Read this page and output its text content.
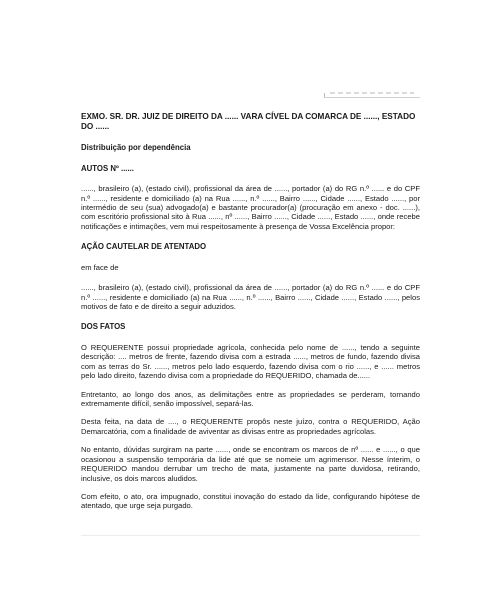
EXMO. SR. DR. JUIZ DE DIREITO DA ...... VARA CÍVEL DA COMARCA DE ......, ESTADO DO ......
Distribuição por dependência
AUTOS Nº ......

......, brasileiro (a), (estado civil), profissional da área de ......, portador (a) do RG n.º ...... e do CPF n.º ......, residente e domiciliado (a) na Rua ......, n.º ......, Bairro ......, Cidade ......, Estado ......, por intermédio de seu (sua) advogado(a) e bastante procurador(a) (procuração em anexo - doc. ......), com escritório profissional sito à Rua ......, nº ......, Bairro ......, Cidade ......, Estado ......, onde recebe notificações e intimações, vem mui respeitosamente à presença de Vossa Excelência propor:

AÇÃO CAUTELAR DE ATENTADO

em face de

......, brasileiro (a), (estado civil), profissional da área de ......, portador (a) do RG n.º ...... e do CPF n.º ......, residente e domiciliado (a) na Rua ......, n.º ......, Bairro ......, Cidade ......, Estado ......, pelos motivos de fato e de direito a seguir aduzidos.

DOS FATOS

O REQUERENTE possui propriedade agrícola, conhecida pelo nome de ......, tendo a seguinte descrição: .... metros de frente, fazendo divisa com a estrada ......, metros de fundo, fazendo divisa com as terras do Sr. ......, metros pelo lado esquerdo, fazendo divisa com o rio ......, e ...... metros pelo lado direito, fazendo divisa com a propriedade do REQUERIDO, chamada de......

Entretanto, ao longo dos anos, as delimitações entre as propriedades se perderam, tornando extremamente difícil, senão impossível, separá-las.

Desta feita, na data de ...., o REQUERENTE propôs neste juízo, contra o REQUERIDO, Ação Demarcatória, com a finalidade de aviventar as divisas entre as propriedades agrícolas.

No entanto, dúvidas surgiram na parte ......, onde se encontram os marcos de nº ...... e ......, o que ocasionou a suspensão temporária da lide até que se nomeie um agrimensor. Nesse ínterim, o REQUERIDO mandou derrubar um trecho de mata, justamente na parte duvidosa, retirando, inclusive, os dois marcos aludidos.

Com efeito, o ato, ora impugnado, constitui inovação do estado da lide, configurando hipótese de atentado, que urge seja purgado.
